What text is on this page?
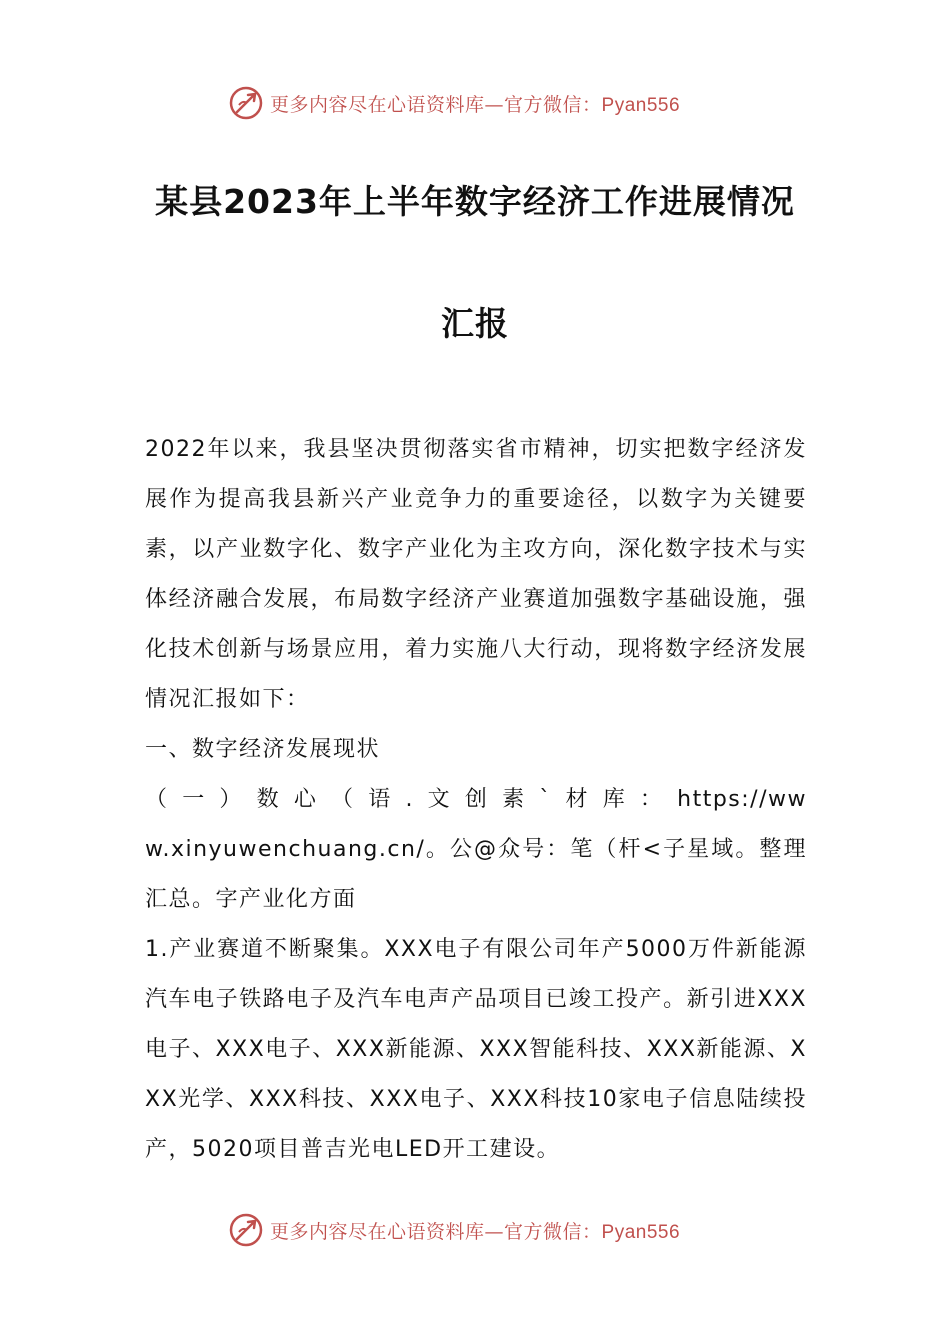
更多内容尽在心语资料库—官方微信：Pyan556
某县2023年上半年数字经济工作进展情况
汇报

2022年以来，我县坚决贯彻落实省市精神，切实把数字经济发展作为提高我县新兴产业竞争力的重要途径，以数字为关键要素，以产业数字化、数字产业化为主攻方向，深化数字技术与实体经济融合发展，布局数字经济产业赛道加强数字基础设施，强化技术创新与场景应用，着力实施八大行动，现将数字经济发展情况汇报如下：

一、数字经济发展现状

（一）数心（语.文创素`材库：https://www.xinyuwenchuang.cn/。公@众号：笔（杆<子星域。整理汇总。字产业化方面

1.产业赛道不断聚集。XXX电子有限公司年产5000万件新能源汽车电子铁路电子及汽车电声产品项目已竣工投产。新引进XXX电子、XXX电子、XXX新能源、XXX智能科技、XXX新能源、XXX光学、XXX科技、XXX电子、XXX科技10家电子信息陆续投产，5020项目普吉光电LED开工建设。

更多内容尽在心语资料库—官方微信：Pyan556
